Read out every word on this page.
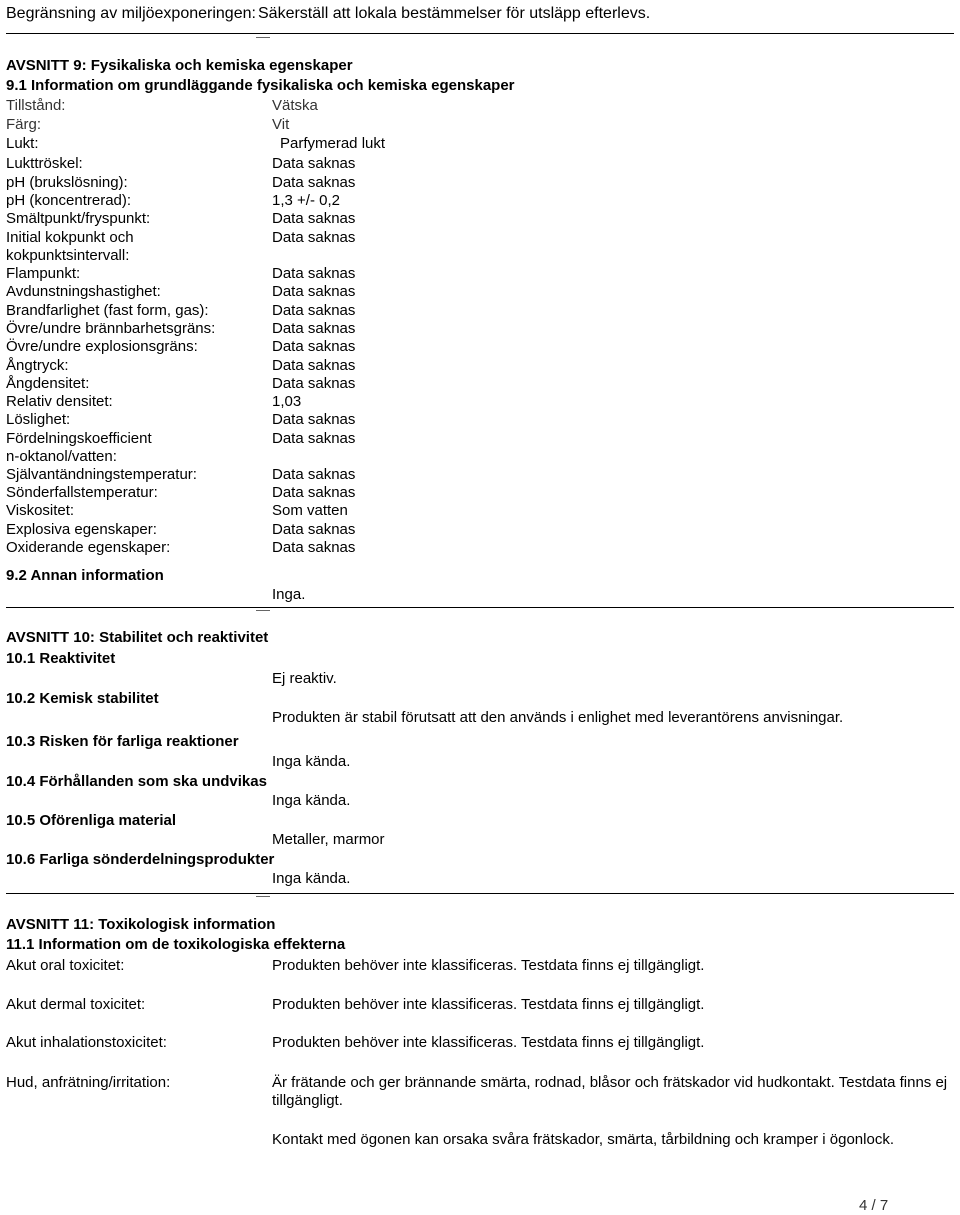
Begränsning av miljöexponeringen: Säkerställ att lokala bestämmelser för utsläpp efterlevs.
AVSNITT 9: Fysikaliska och kemiska egenskaper
9.1 Information om grundläggande fysikaliska och kemiska egenskaper
Tillstånd:	Vätska
Färg:	Vit
Lukt:	Parfymerad lukt
Lukttröskel:	Data saknas
pH (brukslösning):	Data saknas
pH (koncentrerad):	1,3 +/- 0,2
Smältpunkt/fryspunkt:	Data saknas
Initial kokpunkt och	Data saknas
kokpunktsintervall:
Flampunkt:	Data saknas
Avdunstningshastighet:	Data saknas
Brandfarlighet (fast form, gas):	Data saknas
Övre/undre brännbarhetsgräns:	Data saknas
Övre/undre explosionsgräns:	Data saknas
Ångtryck:	Data saknas
Ångdensitet:	Data saknas
Relativ densitet:	1,03
Löslighet:	Data saknas
Fördelningskoefficient	Data saknas
n-oktanol/vatten:
Självantändningstemperatur:	Data saknas
Sönderfallstemperatur:	Data saknas
Viskositet:	Som vatten
Explosiva egenskaper:	Data saknas
Oxiderande egenskaper:	Data saknas
9.2 Annan information
Inga.
AVSNITT 10: Stabilitet och reaktivitet
10.1 Reaktivitet
Ej reaktiv.
10.2 Kemisk stabilitet
Produkten är stabil förutsatt att den används i enlighet med leverantörens anvisningar.
10.3 Risken för farliga reaktioner
Inga kända.
10.4 Förhållanden som ska undvikas
Inga kända.
10.5 Oförenliga material
Metaller, marmor
10.6 Farliga sönderdelningsprodukter
Inga kända.
AVSNITT 11: Toxikologisk information
11.1 Information om de toxikologiska effekterna
Akut oral toxicitet:	Produkten behöver inte klassificeras. Testdata finns ej tillgängligt.
Akut dermal toxicitet:	Produkten behöver inte klassificeras. Testdata finns ej tillgängligt.
Akut inhalationstoxicitet:	Produkten behöver inte klassificeras. Testdata finns ej tillgängligt.
Hud, anfrätning/irritation:	Är frätande och ger brännande smärta, rodnad, blåsor och frätskador vid hudkontakt. Testdata finns ej tillgängligt.
Kontakt med ögonen kan orsaka svåra frätskador, smärta, tårbildning och kramper i ögonlock.
4 / 7
